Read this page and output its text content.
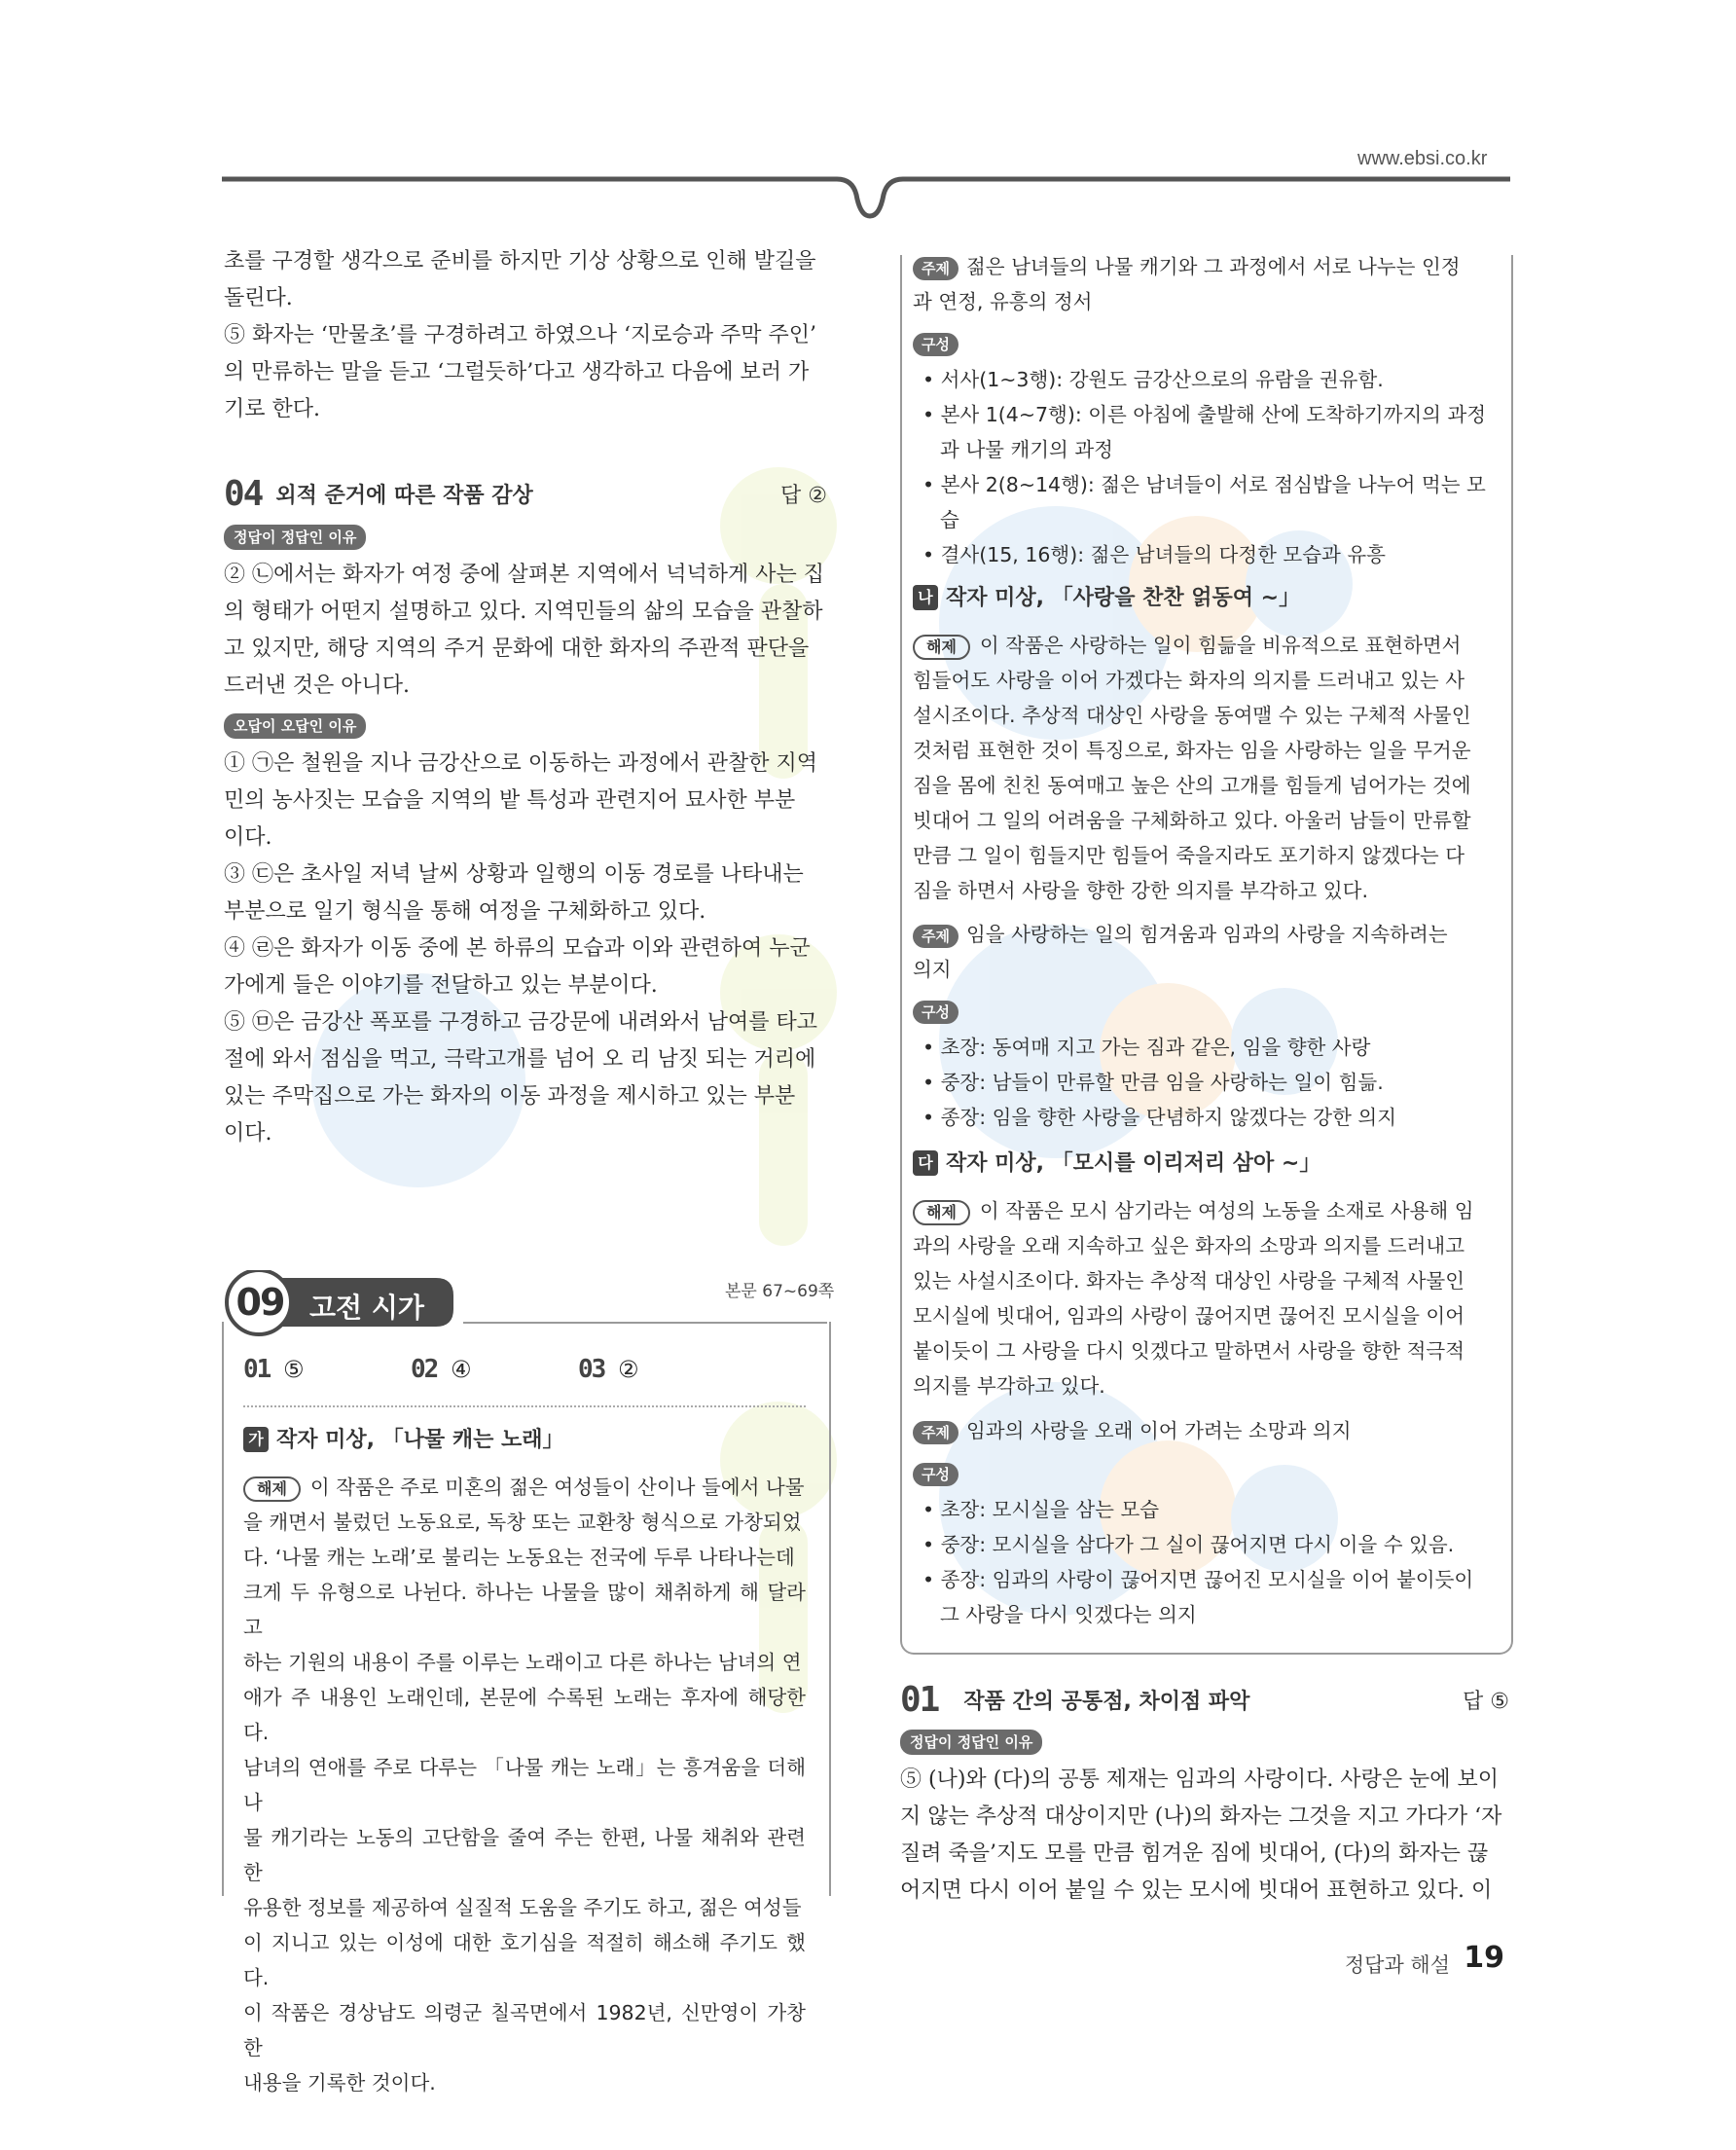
www.ebsi.co.kr

초를 구경할 생각으로 준비를 하지만 기상 상황으로 인해 발길을

돌린다.

⑤ 화자는 ‘만물초’를 구경하려고 하였으나 ‘지로승과 주막 주인’

의 만류하는 말을 듣고 ‘그럴듯하’다고 생각하고 다음에 보러 가

기로 한다.

04 외적 준거에 따른 작품 감상	답 ②
정답이 정답인 이유

② ㉡에서는 화자가 여정 중에 살펴본 지역에서 넉넉하게 사는 집

의 형태가 어떤지 설명하고 있다. 지역민들의 삶의 모습을 관찰하

고 있지만, 해당 지역의 주거 문화에 대한 화자의 주관적 판단을

드러낸 것은 아니다.

오답이 오답인 이유

① ㉠은 철원을 지나 금강산으로 이동하는 과정에서 관찰한 지역

민의 농사짓는 모습을 지역의 밭 특성과 관련지어 묘사한 부분

이다.

③ ㉢은 초사일 저녁 날씨 상황과 일행의 이동 경로를 나타내는

부분으로 일기 형식을 통해 여정을 구체화하고 있다.

④ ㉣은 화자가 이동 중에 본 하류의 모습과 이와 관련하여 누군

가에게 들은 이야기를 전달하고 있는 부분이다.

⑤ ㉤은 금강산 폭포를 구경하고 금강문에 내려와서 남여를 타고

절에 와서 점심을 먹고, 극락고개를 넘어 오 리 남짓 되는 거리에

있는 주막집으로 가는 화자의 이동 과정을 제시하고 있는 부분

이다.

09 고전 시가	본문 67~69쪽
01 ⑤	02 ④	03 ②
가 작자 미상, 「나물 캐는 노래」

해제 이 작품은 주로 미혼의 젊은 여성들이 산이나 들에서 나물

을 캐면서 불렀던 노동요로, 독창 또는 교환창 형식으로 가창되었

다. ‘나물 캐는 노래’로 불리는 노동요는 전국에 두루 나타나는데

크게 두 유형으로 나뉜다. 하나는 나물을 많이 채취하게 해 달라고

하는 기원의 내용이 주를 이루는 노래이고 다른 하나는 남녀의 연

애가 주 내용인 노래인데, 본문에 수록된 노래는 후자에 해당한다.

남녀의 연애를 주로 다루는 「나물 캐는 노래」는 흥겨움을 더해 나

물 캐기라는 노동의 고단함을 줄여 주는 한편, 나물 채취와 관련한

유용한 정보를 제공하여 실질적 도움을 주기도 하고, 젊은 여성들

이 지니고 있는 이성에 대한 호기심을 적절히 해소해 주기도 했다.

이 작품은 경상남도 의령군 칠곡면에서 1982년, 신만영이 가창한

내용을 기록한 것이다.

주제 젊은 남녀들의 나물 캐기와 그 과정에서 서로 나누는 인정

과 연정, 유흥의 정서

구성

• 서사(1~3행): 강원도 금강산으로의 유람을 권유함.

• 본사 1(4~7행): 이른 아침에 출발해 산에 도착하기까지의 과정
과 나물 캐기의 과정

• 본사 2(8~14행): 젊은 남녀들이 서로 점심밥을 나누어 먹는 모
습

• 결사(15, 16행): 젊은 남녀들의 다정한 모습과 유흥

나 작자 미상, 「사랑을 찬찬 얽동여 ~」

해제 이 작품은 사랑하는 일이 힘듦을 비유적으로 표현하면서

힘들어도 사랑을 이어 가겠다는 화자의 의지를 드러내고 있는 사

설시조이다. 추상적 대상인 사랑을 동여맬 수 있는 구체적 사물인

것처럼 표현한 것이 특징으로, 화자는 임을 사랑하는 일을 무거운

짐을 몸에 친친 동여매고 높은 산의 고개를 힘들게 넘어가는 것에

빗대어 그 일의 어려움을 구체화하고 있다. 아울러 남들이 만류할

만큼 그 일이 힘들지만 힘들어 죽을지라도 포기하지 않겠다는 다

짐을 하면서 사랑을 향한 강한 의지를 부각하고 있다.

주제 임을 사랑하는 일의 힘겨움과 임과의 사랑을 지속하려는

의지

구성

• 초장: 동여매 지고 가는 짐과 같은, 임을 향한 사랑

• 중장: 남들이 만류할 만큼 임을 사랑하는 일이 힘듦.

• 종장: 임을 향한 사랑을 단념하지 않겠다는 강한 의지

다 작자 미상, 「모시를 이리저리 삼아 ~」

해제 이 작품은 모시 삼기라는 여성의 노동을 소재로 사용해 임

과의 사랑을 오래 지속하고 싶은 화자의 소망과 의지를 드러내고

있는 사설시조이다. 화자는 추상적 대상인 사랑을 구체적 사물인

모시실에 빗대어, 임과의 사랑이 끊어지면 끊어진 모시실을 이어

붙이듯이 그 사랑을 다시 잇겠다고 말하면서 사랑을 향한 적극적

의지를 부각하고 있다.

주제 임과의 사랑을 오래 이어 가려는 소망과 의지

구성

• 초장: 모시실을 삼는 모습

• 중장: 모시실을 삼다가 그 실이 끊어지면 다시 이을 수 있음.

• 종장: 임과의 사랑이 끊어지면 끊어진 모시실을 이어 붙이듯이
그 사랑을 다시 잇겠다는 의지

01 작품 간의 공통점, 차이점 파악	답 ⑤
정답이 정답인 이유

⑤ (나)와 (다)의 공통 제재는 임과의 사랑이다. 사랑은 눈에 보이

지 않는 추상적 대상이지만 (나)의 화자는 그것을 지고 가다가 ‘자

질려 죽을’지도 모를 만큼 힘겨운 짐에 빗대어, (다)의 화자는 끊

어지면 다시 이어 붙일 수 있는 모시에 빗대어 표현하고 있다. 이

정답과 해설 19
